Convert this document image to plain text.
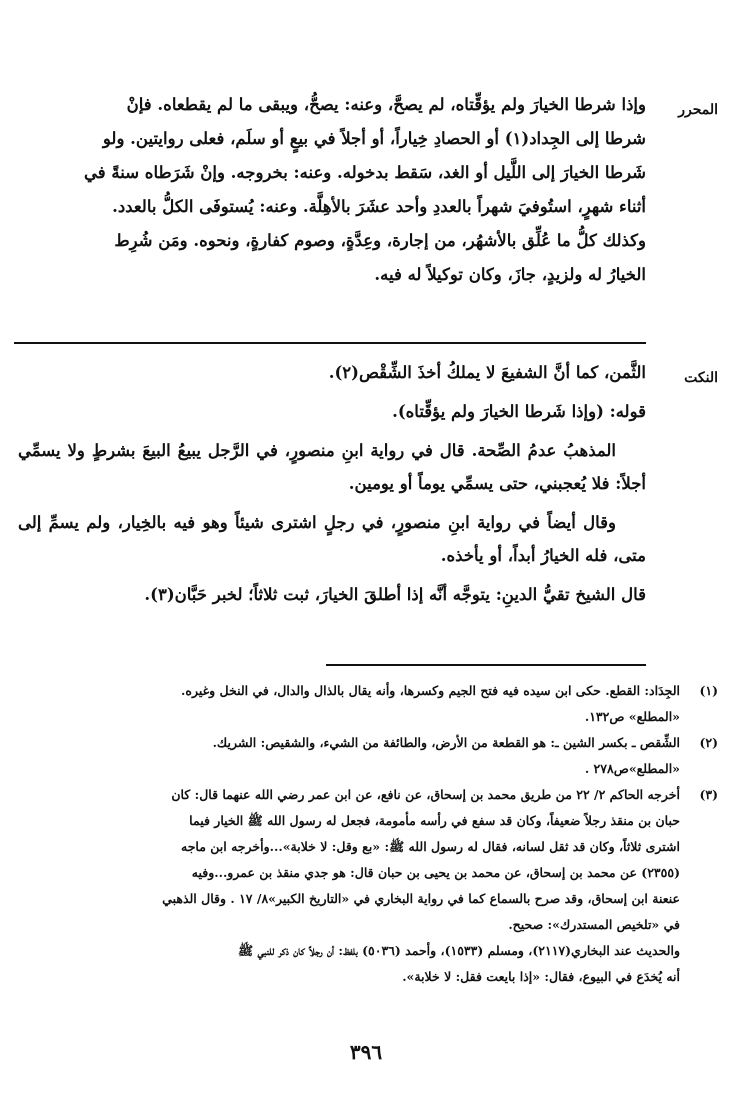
المحرر

وإذا شرطا الخيارَ ولم يؤقِّتاه، لم يصحَّ، وعنه: يصحُّ، ويبقى ما لم يقطعاه. فإنْ

شرطا إلى الجِداد(١) أو الحصادِ خِياراً، أو أجلاً في بيعٍ أو سلَم، فعلى روايتين. ولو

شَرطا الخيارَ إلى اللَّيل أو الغد، سَقط بدخوله. وعنه: بخروجه. وإنْ شَرَطاه سنةً في

أثناء شهرٍ، استُوفيَ شهراً بالعددِ وأحد عشَرَ بالأهِلَّة. وعنه: يُستوفَى الكلُّ بالعدد.

وكذلك كلُّ ما عُلِّق بالأشهُر، من إجارة، وعِدَّةٍ، وصوم كفارةٍ، ونحوه. ومَن شُرِط

الخيارُ له ولزيدٍ، جازَ، وكان توكيلاً له فيه.

النكت

الثَّمن، كما أنَّ الشفيعَ لا يملكُ أخذَ الشِّقْص(٢).

قوله: (وإذا شَرطا الخيارَ ولم يؤقِّتاه).

المذهبُ عدمُ الصِّحة. قال في رواية ابنِ منصورٍ، في الرَّجل يبيعُ البيعَ بشرطٍ ولا يسمِّي أجلاً: فلا يُعجبني، حتى يسمِّي يوماً أو يومين.

وقال أيضاً في رواية ابنِ منصورٍ، في رجلٍ اشترى شيئاً وهو فيه بالخِيار، ولم يسمِّ إلى متى، فله الخيارُ أبداً، أو يأخذه.

قال الشيخ تقيُّ الدينِ: يتوجَّه أنَّه إذا أطلقَ الخيارَ، ثبت ثلاثاً؛ لخبر حَبَّان(٣).

(١)
الجِدَاد: القطع. حكى ابن سيده فيه فتح الجيم وكسرها، وأنه يقال بالذال والدال، في النخل وغيره.
«المطلع» ص١٣٢.
(٢)
الشِّقص ـ بكسر الشين ـ: هو القطعة من الأرض، والطائفة من الشيء، والشقيص: الشريك.
«المطلع»ص٢٧٨ .
(٣)
أخرجه الحاكم ٢/ ٢٢ من طريق محمد بن إسحاق، عن نافع، عن ابن عمر رضي الله عنهما قال: كان
حبان بن منقذ رجلاً ضعيفاً، وكان قد سفع في رأسه مأمومة، فجعل له رسول الله ﷺ الخيار فيما
اشترى ثلاثاً، وكان قد ثقل لسانه، فقال له رسول الله ﷺ: «بع وقل: لا خلابة»...وأخرجه ابن ماجه
(٢٣٥٥) عن محمد بن إسحاق، عن محمد بن يحيى بن حبان قال: هو جدي منقذ بن عمرو...وفيه
عنعنة ابن إسحاق، وقد صرح بالسماع كما في رواية البخاري في «التاريخ الكبير»٨/ ١٧ . وقال الذهبي
في «تلخيص المستدرك»: صحيح.
والحديث عند البخاري(٢١١٧)، ومسلم (١٥٣٣)، وأحمد (٥٠٣٦) بلفظ: أن رجلاً كان ذكر للنبي ﷺ
أنه يُخدَع في البيوع، فقال: «إذا بايعت فقل: لا خلابة».
٣٩٦
